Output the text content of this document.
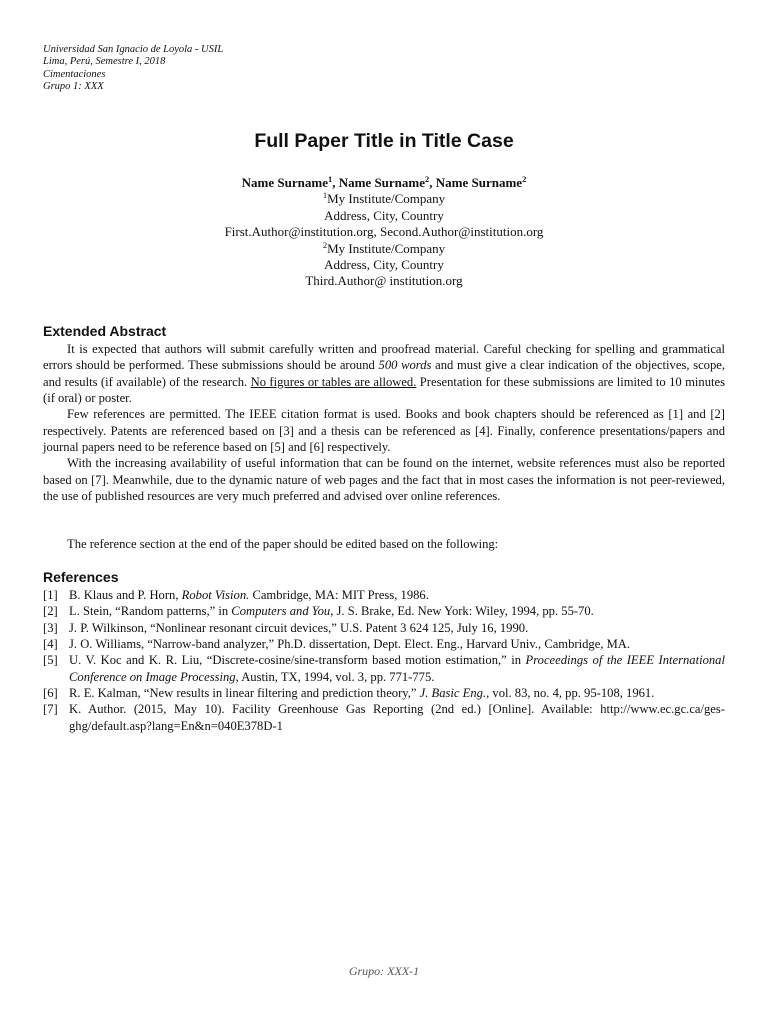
Universidad San Ignacio de Loyola - USIL
Lima, Perú, Semestre I, 2018
Cimentaciones
Grupo 1: XXX
Full Paper Title in Title Case
Name Surname$^1$, Name Surname$^2$, Name Surname$^2$
$^1$My Institute/Company
Address, City, Country
First.Author@institution.org, Second.Author@institution.org
$^2$My Institute/Company
Address, City, Country
Third.Author@ institution.org
Extended Abstract

It is expected that authors will submit carefully written and proofread material. Careful checking for spelling and grammatical errors should be performed. These submissions should be around 500 words and must give a clear indication of the objectives, scope, and results (if available) of the research. No figures or tables are allowed. Presentation for these submissions are limited to 10 minutes (if oral) or poster.

Few references are permitted. The IEEE citation format is used. Books and book chapters should be referenced as [1] and [2] respectively. Patents are referenced based on [3] and a thesis can be referenced as [4]. Finally, conference presentations/papers and journal papers need to be reference based on [5] and [6] respectively.

With the increasing availability of useful information that can be found on the internet, website references must also be reported based on [7]. Meanwhile, due to the dynamic nature of web pages and the fact that in most cases the information is not peer-reviewed, the use of published resources are very much preferred and advised over online references.

The reference section at the end of the paper should be edited based on the following:
References
[1] B. Klaus and P. Horn, Robot Vision. Cambridge, MA: MIT Press, 1986.
[2] L. Stein, “Random patterns,” in Computers and You, J. S. Brake, Ed. New York: Wiley, 1994, pp. 55-70.
[3] J. P. Wilkinson, “Nonlinear resonant circuit devices,” U.S. Patent 3 624 125, July 16, 1990.
[4] J. O. Williams, “Narrow-band analyzer,” Ph.D. dissertation, Dept. Elect. Eng., Harvard Univ., Cambridge, MA.
[5] U. V. Koc and K. R. Liu, “Discrete-cosine/sine-transform based motion estimation,” in Proceedings of the IEEE International Conference on Image Processing, Austin, TX, 1994, vol. 3, pp. 771-775.
[6] R. E. Kalman, “New results in linear filtering and prediction theory,” J. Basic Eng., vol. 83, no. 4, pp. 95-108, 1961.
[7] K. Author. (2015, May 10). Facility Greenhouse Gas Reporting (2nd ed.) [Online]. Available: http://www.ec.gc.ca/ges-ghg/default.asp?lang=En&n=040E378D-1
Grupo: XXX-1
